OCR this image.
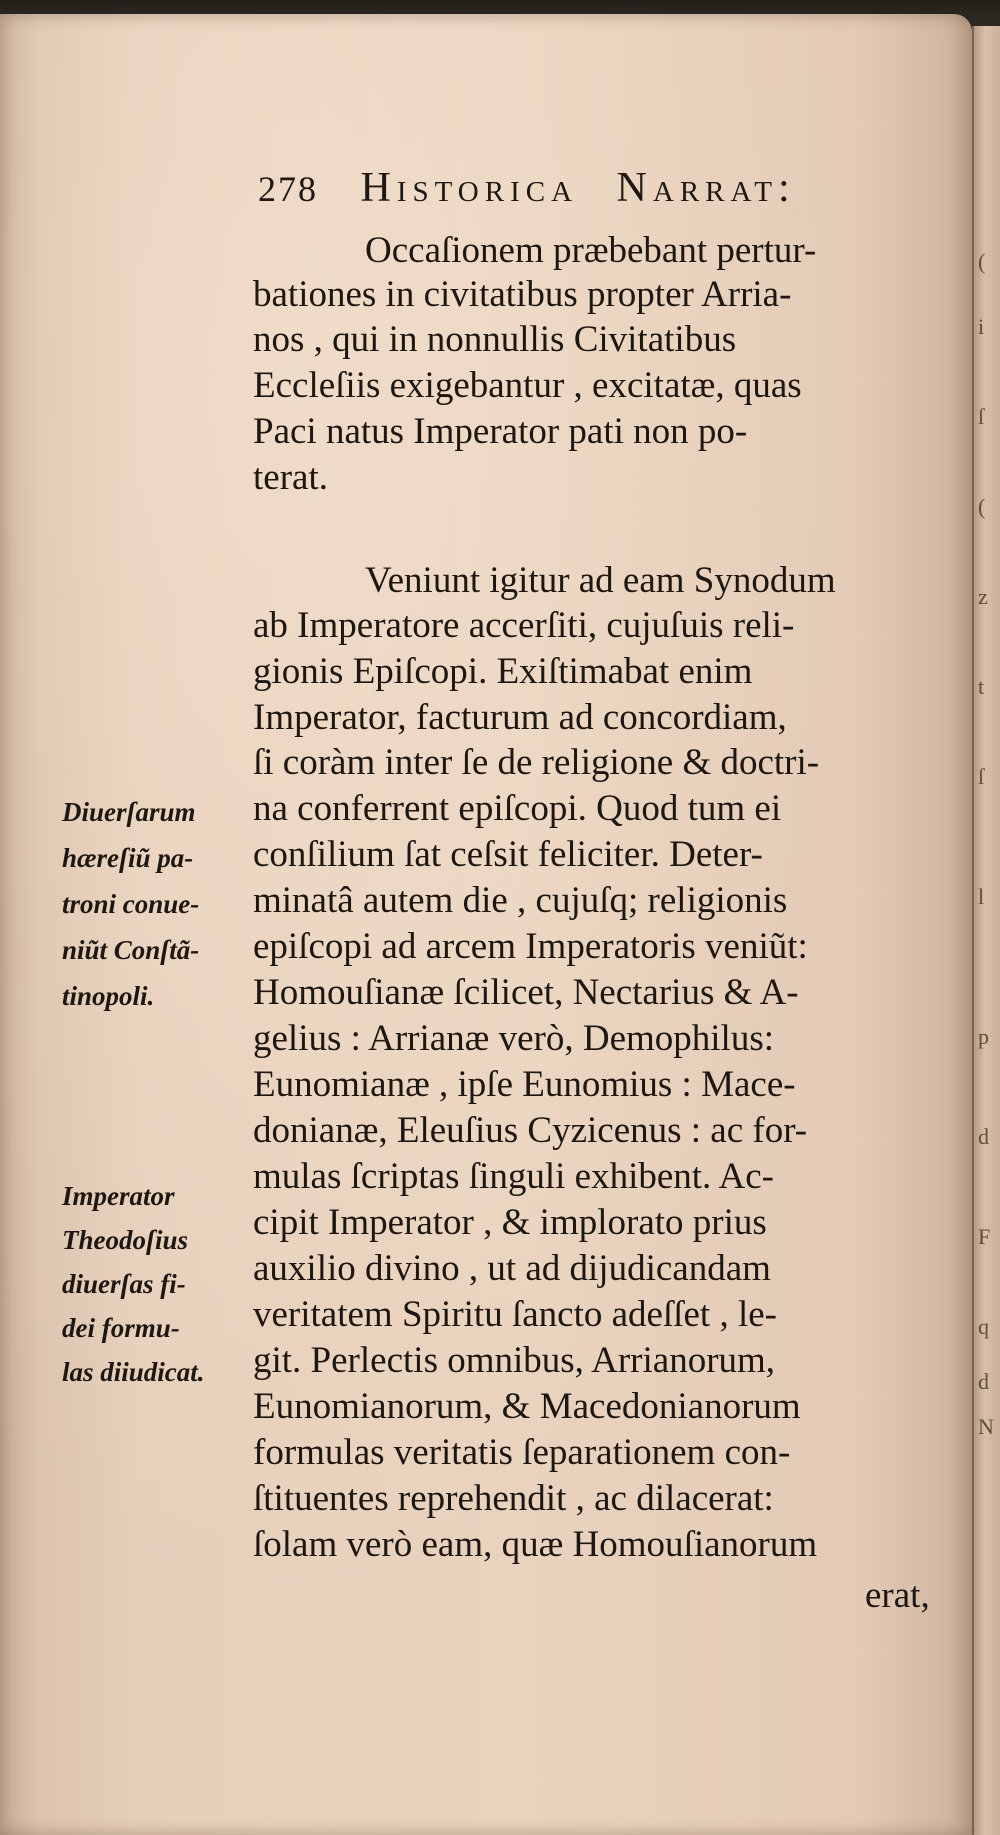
278 Historica Narrat:
Occaſionem præbebant pertur-
bationes in civitatibus propter Arria-
nos , qui in nonnullis Civitatibus
Eccleſiis exigebantur , excitatæ, quas
Paci natus Imperator pati non po-
terat.
Veniunt igitur ad eam Synodum
ab Imperatore accerſiti, cujuſuis reli-
gionis Epiſcopi. Exiſtimabat enim
Imperator, facturum ad concordiam,
ſi coràm inter ſe de religione & doctri-
na conferrent epiſcopi. Quod tum ei
conſilium ſat ceſsit feliciter. Deter-
minatâ autem die , cujuſq; religionis
epiſcopi ad arcem Imperatoris veniũt:
Homouſianæ ſcilicet, Nectarius & A-
gelius : Arrianæ verò, Demophilus:
Eunomianæ , ipſe Eunomius : Mace-
donianæ, Eleuſius Cyzicenus : ac for-
mulas ſcriptas ſinguli exhibent. Ac-
cipit Imperator , & implorato prius
auxilio divino , ut ad dijudicandam
veritatem Spiritu ſancto adeſſet , le-
git. Perlectis omnibus, Arrianorum,
Eunomianorum, & Macedonianorum
formulas veritatis ſeparationem con-
ſtituentes reprehendit , ac dilacerat:
ſolam verò eam, quæ Homouſianorum
erat,
Diuerſarum
hæreſiũ pa-
troni conue-
niũt Conſtã-
tinopoli.
Imperator
Theodoſius
diuerſas fi-
dei formu-
las diiudicat.
(
i
ſ
(
z
t
ſ
l
p
d
F
q
d
N
